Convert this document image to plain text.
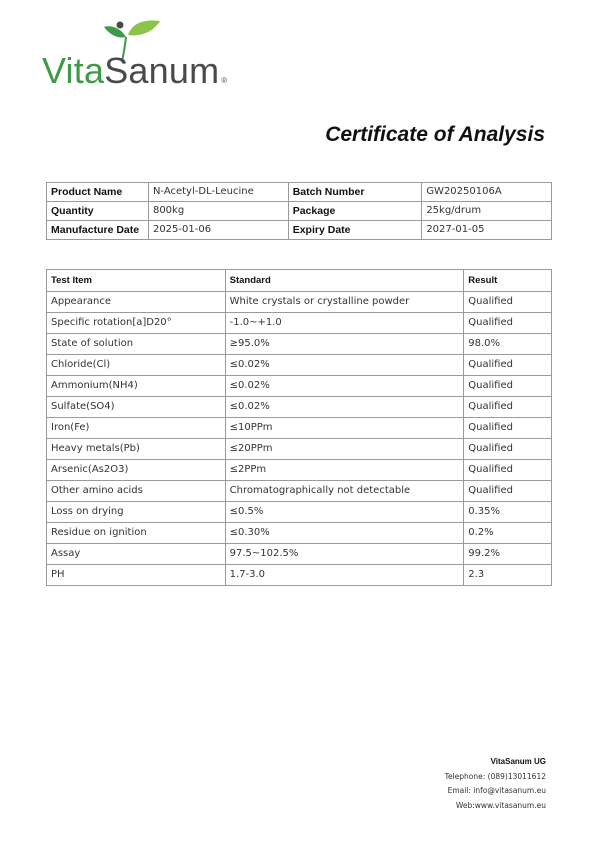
VitaSanum ®
Certificate of Analysis
Product Name	N-Acetyl-DL-Leucine	Batch Number	GW20250106A
Quantity	800kg	Package	25kg/drum
Manufacture Date	2025-01-06	Expiry Date	2027-01-05
Test Item	Standard	Result
Appearance	White crystals or crystalline powder	Qualified
Specific rotation[a]D20°	-1.0~+1.0	Qualified
State of solution	≥95.0%	98.0%
Chloride(Cl)	≤0.02%	Qualified
Ammonium(NH4)	≤0.02%	Qualified
Sulfate(SO4)	≤0.02%	Qualified
Iron(Fe)	≤10PPm	Qualified
Heavy metals(Pb)	≤20PPm	Qualified
Arsenic(As2O3)	≤2PPm	Qualified
Other amino acids	Chromatographically not detectable	Qualified
Loss on drying	≤0.5%	0.35%
Residue on ignition	≤0.30%	0.2%
Assay	97.5~102.5%	99.2%
PH	1.7-3.0	2.3
VitaSanum UG
Telephone: (089)13011612
Email: info@vitasanum.eu
Web:www.vitasanum.eu
